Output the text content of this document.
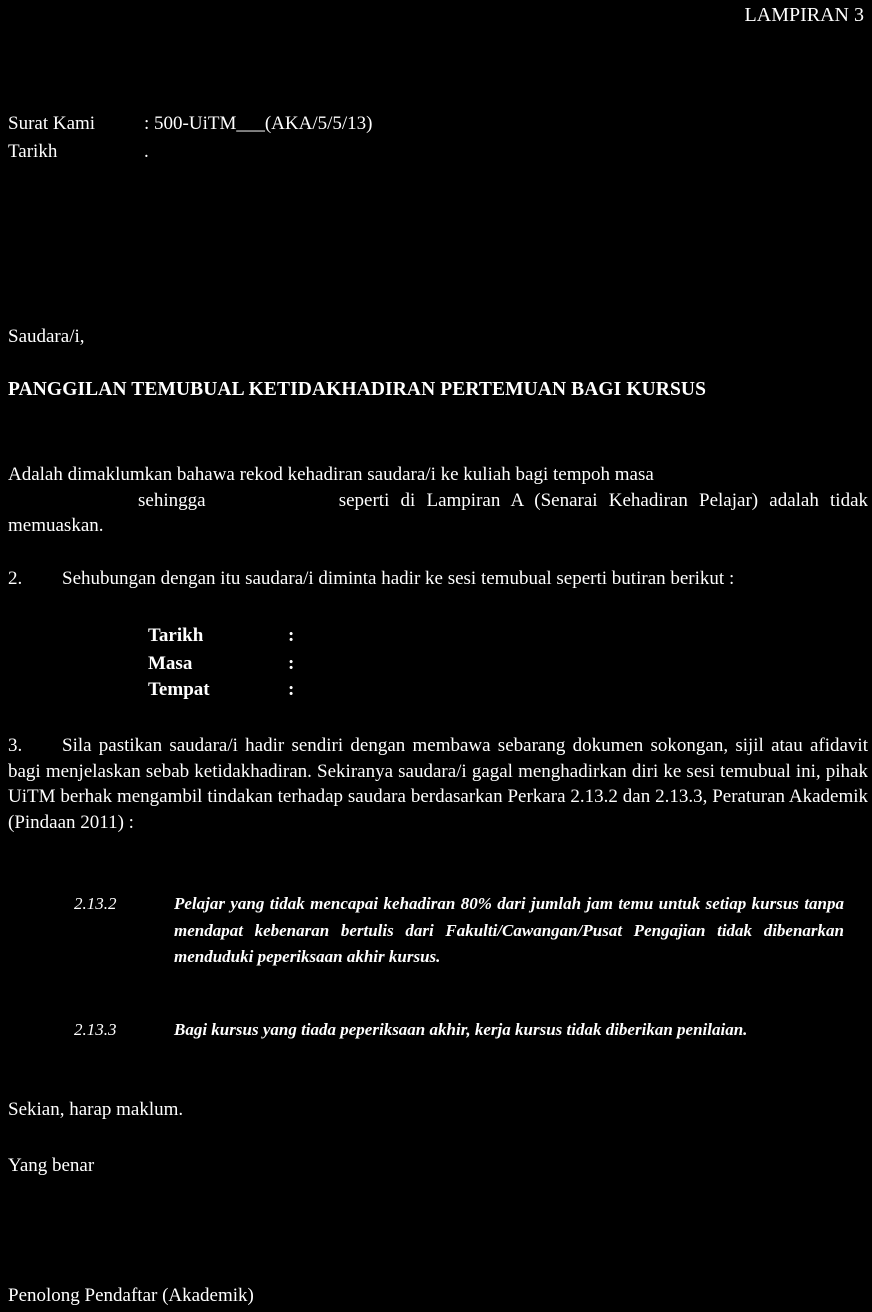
LAMPIRAN 3
Surat Kami	: 500-UiTM___(AKA/5/5/13)
Tarikh	.
Saudara/i,
PANGGILAN TEMUBUAL KETIDAKHADIRAN PERTEMUAN BAGI KURSUS
Adalah dimaklumkan bahawa rekod kehadiran saudara/i ke kuliah bagi tempoh masa
sehingga	seperti di Lampiran A (Senarai Kehadiran Pelajar) adalah tidak memuaskan.
2. Sehubungan dengan itu saudara/i diminta hadir ke sesi temubual seperti butiran berikut :
Tarikh	:
Masa	:
Tempat	:
3. Sila pastikan saudara/i hadir sendiri dengan membawa sebarang dokumen sokongan, sijil atau afidavit bagi menjelaskan sebab ketidakhadiran. Sekiranya saudara/i gagal menghadirkan diri ke sesi temubual ini, pihak UiTM berhak mengambil tindakan terhadap saudara berdasarkan Perkara 2.13.2 dan 2.13.3, Peraturan Akademik (Pindaan 2011) :
2.13.2	Pelajar yang tidak mencapai kehadiran 80% dari jumlah jam temu untuk setiap kursus tanpa mendapat kebenaran bertulis dari Fakulti/Cawangan/Pusat Pengajian tidak dibenarkan menduduki peperiksaan akhir kursus.
2.13.3	Bagi kursus yang tiada peperiksaan akhir, kerja kursus tidak diberikan penilaian.
Sekian, harap maklum.
Yang benar
Penolong Pendaftar (Akademik)
